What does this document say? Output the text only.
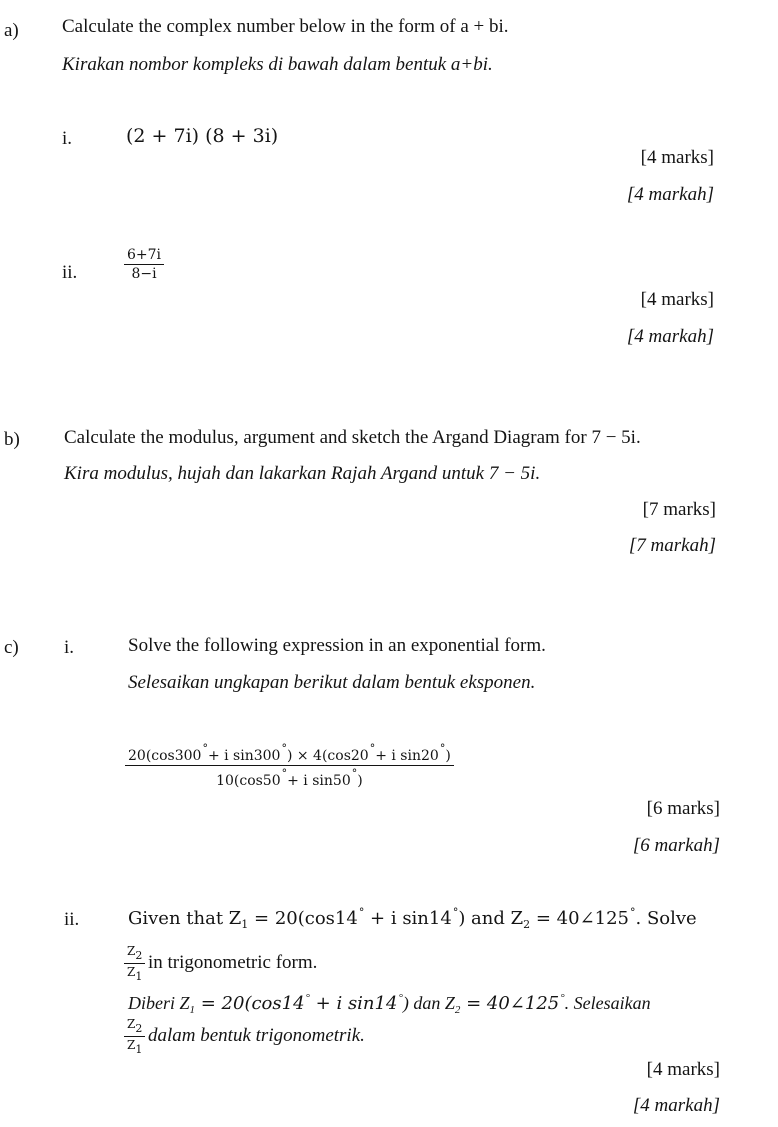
a) Calculate the complex number below in the form of a + bi.
Kirakan nombor kompleks di bawah dalam bentuk a+bi.
i.	(2 + 7i) (8 + 3i)
[4 marks]
[4 markah]
ii.
6+7i
8−i
[4 marks]
[4 markah]
b) Calculate the modulus, argument and sketch the Argand Diagram for 7 − 5i.
Kira modulus, hujah dan lakarkan Rajah Argand untuk 7 − 5i.
[7 marks]
[7 markah]
c) i.	Solve the following expression in an exponential form.
Selesaikan ungkapan berikut dalam bentuk eksponen.
20(cos300°+ i sin300°) × 4(cos20°+ i sin20°)
10(cos50°+ i sin50°)
[6 marks]
[6 markah]
ii.	Given that $Z_1 = 20(\cos 14^\circ + i$ sin14°) and $Z_2$ = 40∠125°. Solve
Z2
Z1
in trigonometric form.
Diberi $Z_1 = 20(\cos 14^\circ + i$ sin14°) dan $Z_2$ = 40∠125°. Selesaikan
Z2
Z1
dalam bentuk trigonometrik.
[4 marks]
[4 markah]
